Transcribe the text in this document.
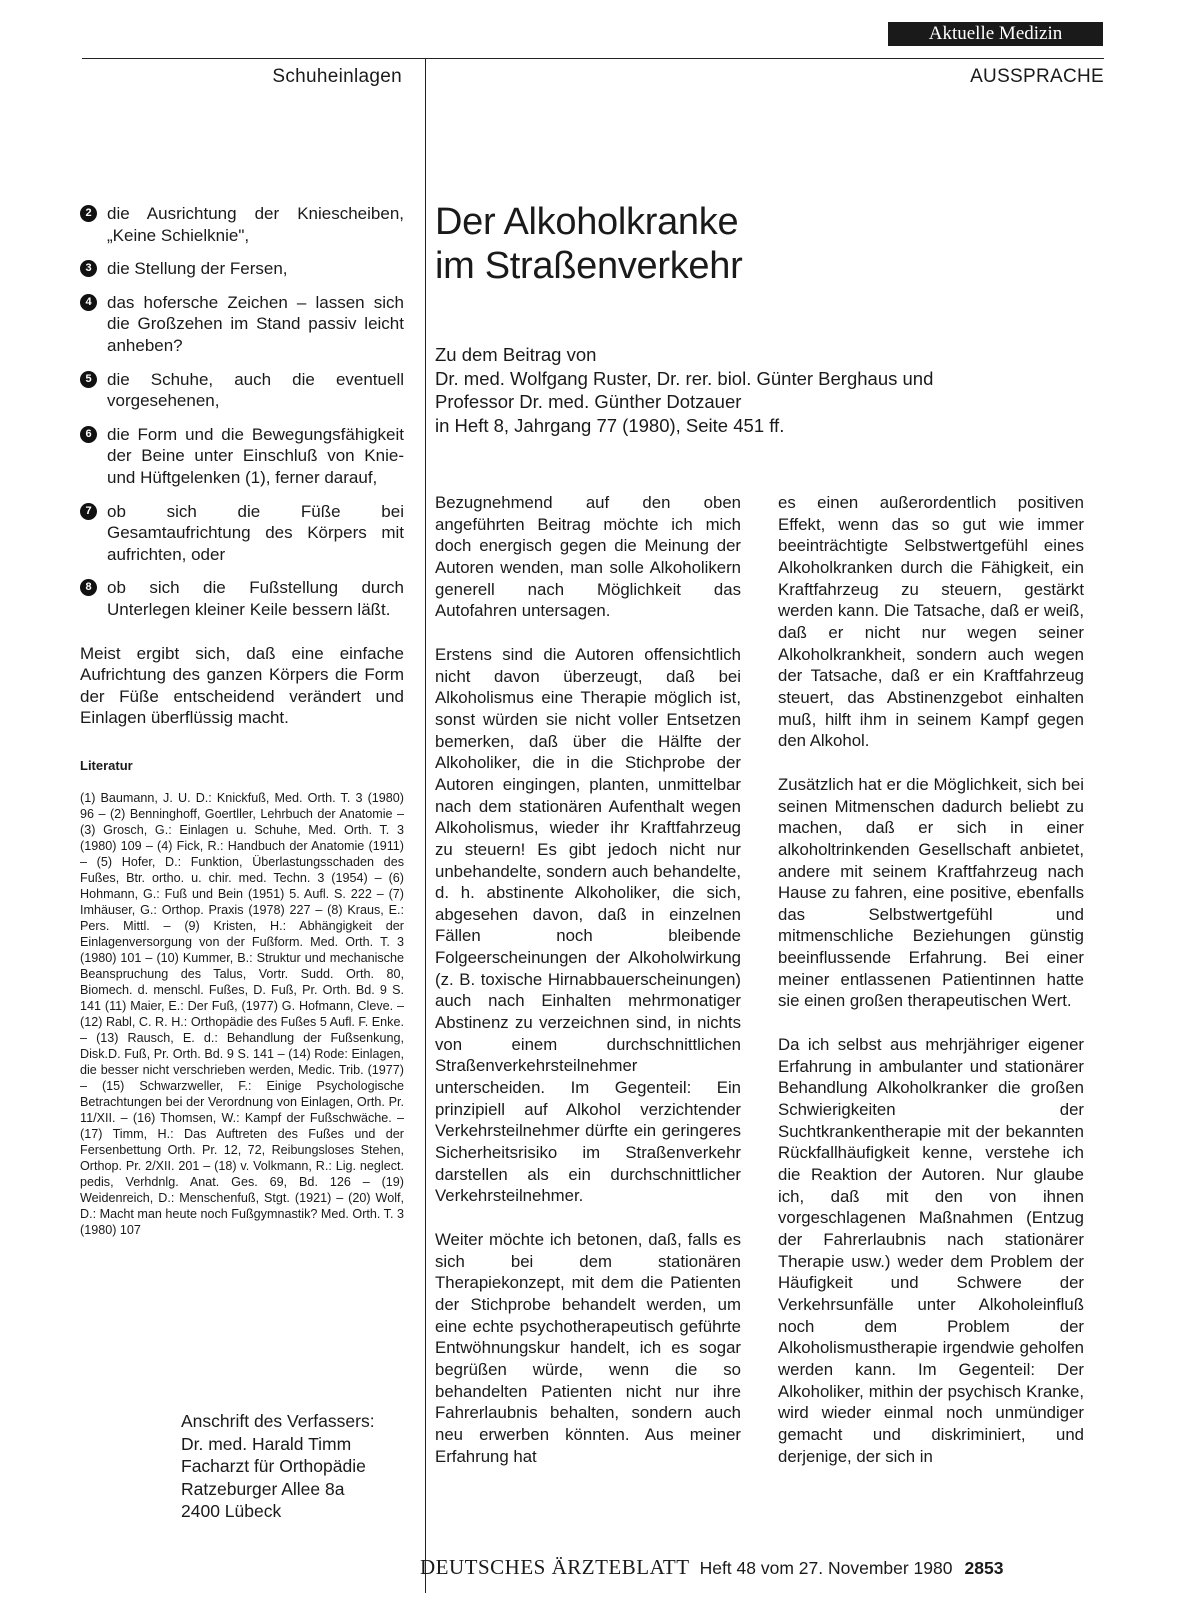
Aktuelle Medizin
Schuheinlagen	AUSSPRACHE
2 die Ausrichtung der Kniescheiben, „Keine Schielknie",
3 die Stellung der Fersen,
4 das hofersche Zeichen – lassen sich die Großzehen im Stand passiv leicht anheben?
5 die Schuhe, auch die eventuell vorgesehenen,
6 die Form und die Bewegungsfähigkeit der Beine unter Einschluß von Knie- und Hüftgelenken (1), ferner darauf,
7 ob sich die Füße bei Gesamtaufrichtung des Körpers mit aufrichten, oder
8 ob sich die Fußstellung durch Unterlegen kleiner Keile bessern läßt.
Meist ergibt sich, daß eine einfache Aufrichtung des ganzen Körpers die Form der Füße entscheidend verändert und Einlagen überflüssig macht.
Literatur
(1) Baumann, J. U. D.: Knickfuß, Med. Orth. T. 3 (1980) 96 – (2) Benninghoff, Goertller, Lehrbuch der Anatomie – (3) Grosch, G.: Einlagen u. Schuhe, Med. Orth. T. 3 (1980) 109 – (4) Fick, R.: Handbuch der Anatomie (1911) – (5) Hofer, D.: Funktion, Überlastungsschaden des Fußes, Btr. ortho. u. chir. med. Techn. 3 (1954) – (6) Hohmann, G.: Fuß und Bein (1951) 5. Aufl. S. 222 – (7) Imhäuser, G.: Orthop. Praxis (1978) 227 – (8) Kraus, E.: Pers. Mittl. – (9) Kristen, H.: Abhängigkeit der Einlagenversorgung von der Fußform. Med. Orth. T. 3 (1980) 101 – (10) Kummer, B.: Struktur und mechanische Beanspruchung des Talus, Vortr. Sudd. Orth. 80, Biomech. d. menschl. Fußes, D. Fuß, Pr. Orth. Bd. 9 S. 141 (11) Maier, E.: Der Fuß, (1977) G. Hofmann, Cleve. – (12) Rabl, C. R. H.: Orthopädie des Fußes 5 Aufl. F. Enke. – (13) Rausch, E. d.: Behandlung der Fußsenkung, Disk.D. Fuß, Pr. Orth. Bd. 9 S. 141 – (14) Rode: Einlagen, die besser nicht verschrieben werden, Medic. Trib. (1977) – (15) Schwarzweller, F.: Einige Psychologische Betrachtungen bei der Verordnung von Einlagen, Orth. Pr. 11/XII. – (16) Thomsen, W.: Kampf der Fußschwäche. – (17) Timm, H.: Das Auftreten des Fußes und der Fersenbettung Orth. Pr. 12, 72, Reibungsloses Stehen, Orthop. Pr. 2/XII. 201 – (18) v. Volkmann, R.: Lig. neglect. pedis, Verhdnlg. Anat. Ges. 69, Bd. 126 – (19) Weidenreich, D.: Menschenfuß, Stgt. (1921) – (20) Wolf, D.: Macht man heute noch Fußgymnastik? Med. Orth. T. 3 (1980) 107
Anschrift des Verfassers:
Dr. med. Harald Timm
Facharzt für Orthopädie
Ratzeburger Allee 8a
2400 Lübeck
Der Alkoholkranke
im Straßenverkehr
Zu dem Beitrag von
Dr. med. Wolfgang Ruster, Dr. rer. biol. Günter Berghaus und
Professor Dr. med. Günther Dotzauer
in Heft 8, Jahrgang 77 (1980), Seite 451 ff.

Bezugnehmend auf den oben angeführten Beitrag möchte ich mich doch energisch gegen die Meinung der Autoren wenden, man solle Alkoholikern generell nach Möglichkeit das Autofahren untersagen.

Erstens sind die Autoren offensichtlich nicht davon überzeugt, daß bei Alkoholismus eine Therapie möglich ist, sonst würden sie nicht voller Entsetzen bemerken, daß über die Hälfte der Alkoholiker, die in die Stichprobe der Autoren eingingen, planten, unmittelbar nach dem stationären Aufenthalt wegen Alkoholismus, wieder ihr Kraftfahrzeug zu steuern! Es gibt jedoch nicht nur unbehandelte, sondern auch behandelte, d. h. abstinente Alkoholiker, die sich, abgesehen davon, daß in einzelnen Fällen noch bleibende Folgeerscheinungen der Alkoholwirkung (z. B. toxische Hirnabbauerscheinungen) auch nach Einhalten mehrmonatiger Abstinenz zu verzeichnen sind, in nichts von einem durchschnittlichen Straßenverkehrsteilnehmer unterscheiden. Im Gegenteil: Ein prinzipiell auf Alkohol verzichtender Verkehrsteilnehmer dürfte ein geringeres Sicherheitsrisiko im Straßenverkehr darstellen als ein durchschnittlicher Verkehrsteilnehmer.

Weiter möchte ich betonen, daß, falls es sich bei dem stationären Therapiekonzept, mit dem die Patienten der Stichprobe behandelt werden, um eine echte psychotherapeutisch geführte Entwöhnungskur handelt, ich es sogar begrüßen würde, wenn die so behandelten Patienten nicht nur ihre Fahrerlaubnis behalten, sondern auch neu erwerben könnten. Aus meiner Erfahrung hat

es einen außerordentlich positiven Effekt, wenn das so gut wie immer beeinträchtigte Selbstwertgefühl eines Alkoholkranken durch die Fähigkeit, ein Kraftfahrzeug zu steuern, gestärkt werden kann. Die Tatsache, daß er weiß, daß er nicht nur wegen seiner Alkoholkrankheit, sondern auch wegen der Tatsache, daß er ein Kraftfahrzeug steuert, das Abstinenzgebot einhalten muß, hilft ihm in seinem Kampf gegen den Alkohol.

Zusätzlich hat er die Möglichkeit, sich bei seinen Mitmenschen dadurch beliebt zu machen, daß er sich in einer alkoholtrinkenden Gesellschaft anbietet, andere mit seinem Kraftfahrzeug nach Hause zu fahren, eine positive, ebenfalls das Selbstwertgefühl und mitmenschliche Beziehungen günstig beeinflussende Erfahrung. Bei einer meiner entlassenen Patientinnen hatte sie einen großen therapeutischen Wert.

Da ich selbst aus mehrjähriger eigener Erfahrung in ambulanter und stationärer Behandlung Alkoholkranker die großen Schwierigkeiten der Suchtkrankentherapie mit der bekannten Rückfallhäufigkeit kenne, verstehe ich die Reaktion der Autoren. Nur glaube ich, daß mit den von ihnen vorgeschlagenen Maßnahmen (Entzug der Fahrerlaubnis nach stationärer Therapie usw.) weder dem Problem der Häufigkeit und Schwere der Verkehrsunfälle unter Alkoholeinfluß noch dem Problem der Alkoholismustherapie irgendwie geholfen werden kann. Im Gegenteil: Der Alkoholiker, mithin der psychisch Kranke, wird wieder einmal noch unmündiger gemacht und diskriminiert, und derjenige, der sich in

DEUTSCHES ÄRZTEBLATT Heft 48 vom 27. November 1980 2853
